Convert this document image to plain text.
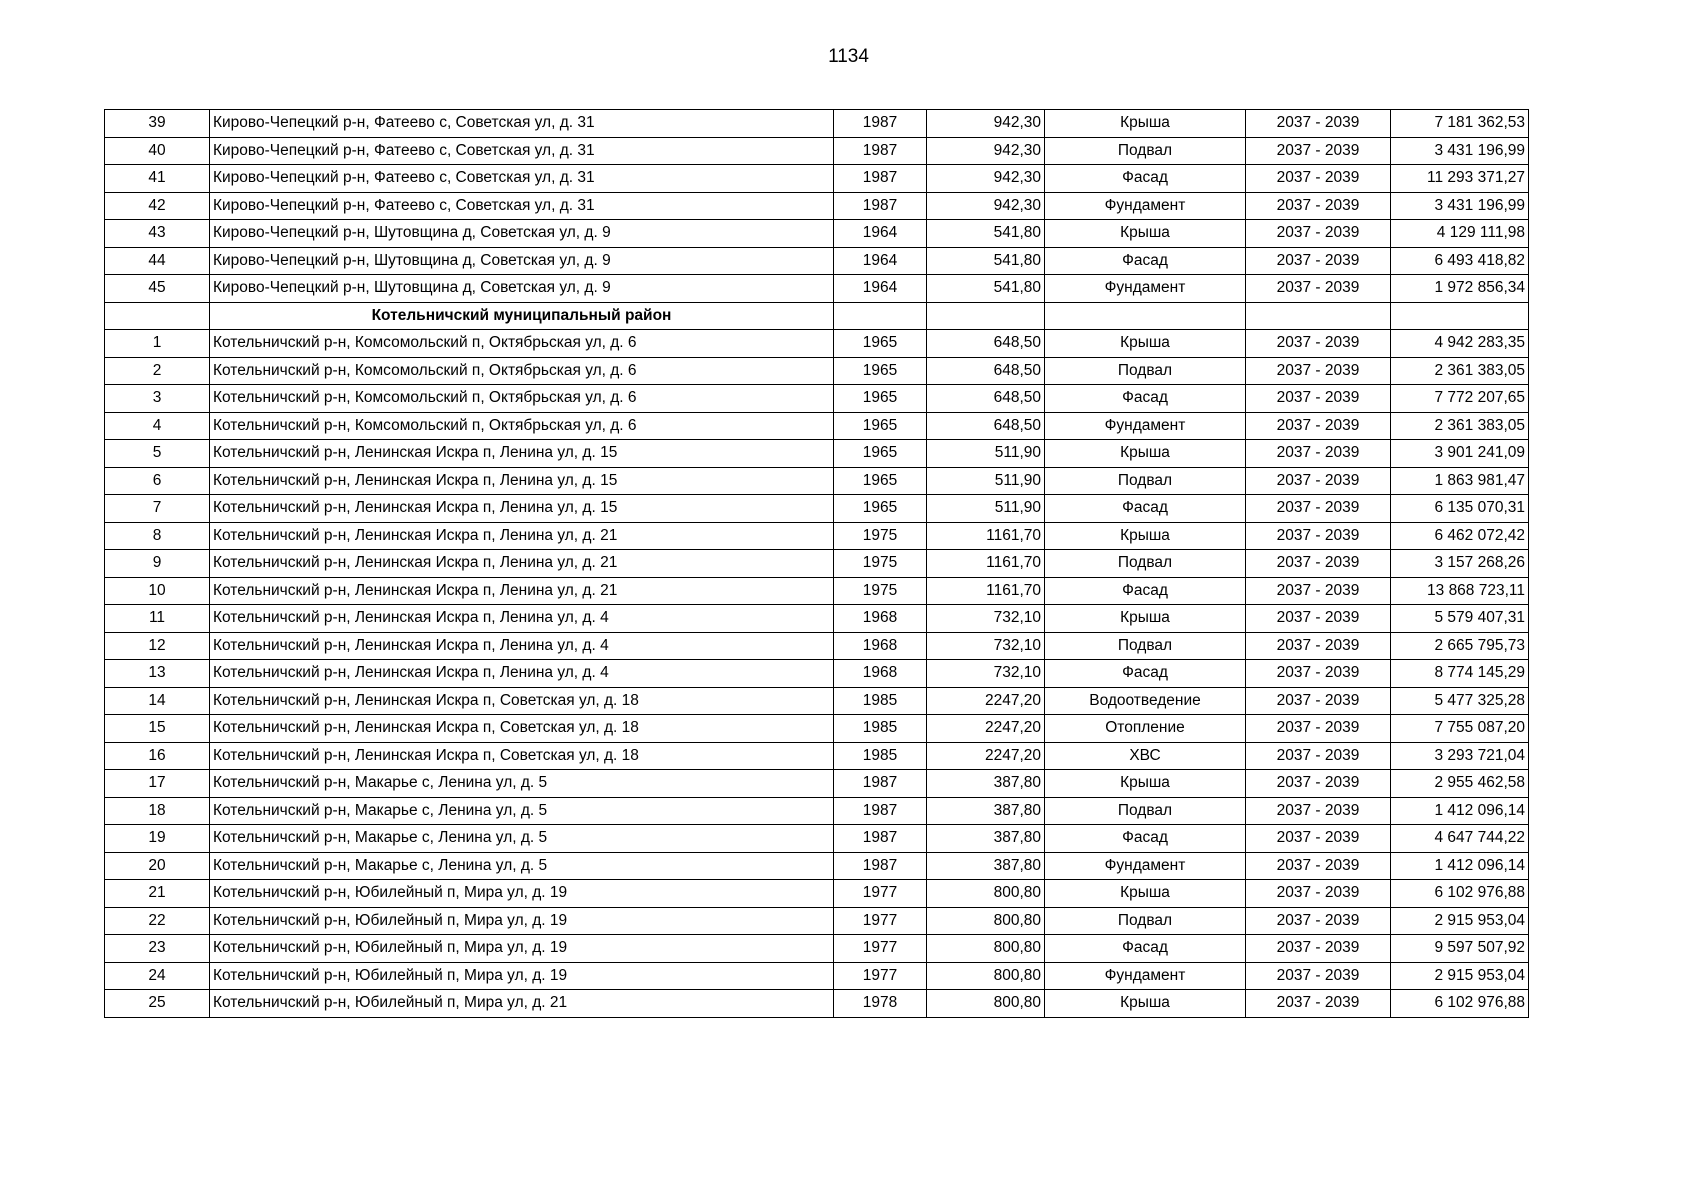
1134
39	Кирово-Чепецкий р-н, Фатеево с, Советская ул, д. 31	1987	942,30	Крыша	2037 - 2039	7 181 362,53
40	Кирово-Чепецкий р-н, Фатеево с, Советская ул, д. 31	1987	942,30	Подвал	2037 - 2039	3 431 196,99
41	Кирово-Чепецкий р-н, Фатеево с, Советская ул, д. 31	1987	942,30	Фасад	2037 - 2039	11 293 371,27
42	Кирово-Чепецкий р-н, Фатеево с, Советская ул, д. 31	1987	942,30	Фундамент	2037 - 2039	3 431 196,99
43	Кирово-Чепецкий р-н, Шутовщина д, Советская ул, д. 9	1964	541,80	Крыша	2037 - 2039	4 129 111,98
44	Кирово-Чепецкий р-н, Шутовщина д, Советская ул, д. 9	1964	541,80	Фасад	2037 - 2039	6 493 418,82
45	Кирово-Чепецкий р-н, Шутовщина д, Советская ул, д. 9	1964	541,80	Фундамент	2037 - 2039	1 972 856,34
	Котельничский муниципальный район					
1	Котельничский р-н, Комсомольский п, Октябрьская ул, д. 6	1965	648,50	Крыша	2037 - 2039	4 942 283,35
2	Котельничский р-н, Комсомольский п, Октябрьская ул, д. 6	1965	648,50	Подвал	2037 - 2039	2 361 383,05
3	Котельничский р-н, Комсомольский п, Октябрьская ул, д. 6	1965	648,50	Фасад	2037 - 2039	7 772 207,65
4	Котельничский р-н, Комсомольский п, Октябрьская ул, д. 6	1965	648,50	Фундамент	2037 - 2039	2 361 383,05
5	Котельничский р-н, Ленинская Искра п, Ленина ул, д. 15	1965	511,90	Крыша	2037 - 2039	3 901 241,09
6	Котельничский р-н, Ленинская Искра п, Ленина ул, д. 15	1965	511,90	Подвал	2037 - 2039	1 863 981,47
7	Котельничский р-н, Ленинская Искра п, Ленина ул, д. 15	1965	511,90	Фасад	2037 - 2039	6 135 070,31
8	Котельничский р-н, Ленинская Искра п, Ленина ул, д. 21	1975	1161,70	Крыша	2037 - 2039	6 462 072,42
9	Котельничский р-н, Ленинская Искра п, Ленина ул, д. 21	1975	1161,70	Подвал	2037 - 2039	3 157 268,26
10	Котельничский р-н, Ленинская Искра п, Ленина ул, д. 21	1975	1161,70	Фасад	2037 - 2039	13 868 723,11
11	Котельничский р-н, Ленинская Искра п, Ленина ул, д. 4	1968	732,10	Крыша	2037 - 2039	5 579 407,31
12	Котельничский р-н, Ленинская Искра п, Ленина ул, д. 4	1968	732,10	Подвал	2037 - 2039	2 665 795,73
13	Котельничский р-н, Ленинская Искра п, Ленина ул, д. 4	1968	732,10	Фасад	2037 - 2039	8 774 145,29
14	Котельничский р-н, Ленинская Искра п, Советская ул, д. 18	1985	2247,20	Водоотведение	2037 - 2039	5 477 325,28
15	Котельничский р-н, Ленинская Искра п, Советская ул, д. 18	1985	2247,20	Отопление	2037 - 2039	7 755 087,20
16	Котельничский р-н, Ленинская Искра п, Советская ул, д. 18	1985	2247,20	ХВС	2037 - 2039	3 293 721,04
17	Котельничский р-н, Макарье с, Ленина ул, д. 5	1987	387,80	Крыша	2037 - 2039	2 955 462,58
18	Котельничский р-н, Макарье с, Ленина ул, д. 5	1987	387,80	Подвал	2037 - 2039	1 412 096,14
19	Котельничский р-н, Макарье с, Ленина ул, д. 5	1987	387,80	Фасад	2037 - 2039	4 647 744,22
20	Котельничский р-н, Макарье с, Ленина ул, д. 5	1987	387,80	Фундамент	2037 - 2039	1 412 096,14
21	Котельничский р-н, Юбилейный п, Мира ул, д. 19	1977	800,80	Крыша	2037 - 2039	6 102 976,88
22	Котельничский р-н, Юбилейный п, Мира ул, д. 19	1977	800,80	Подвал	2037 - 2039	2 915 953,04
23	Котельничский р-н, Юбилейный п, Мира ул, д. 19	1977	800,80	Фасад	2037 - 2039	9 597 507,92
24	Котельничский р-н, Юбилейный п, Мира ул, д. 19	1977	800,80	Фундамент	2037 - 2039	2 915 953,04
25	Котельничский р-н, Юбилейный п, Мира ул, д. 21	1978	800,80	Крыша	2037 - 2039	6 102 976,88
